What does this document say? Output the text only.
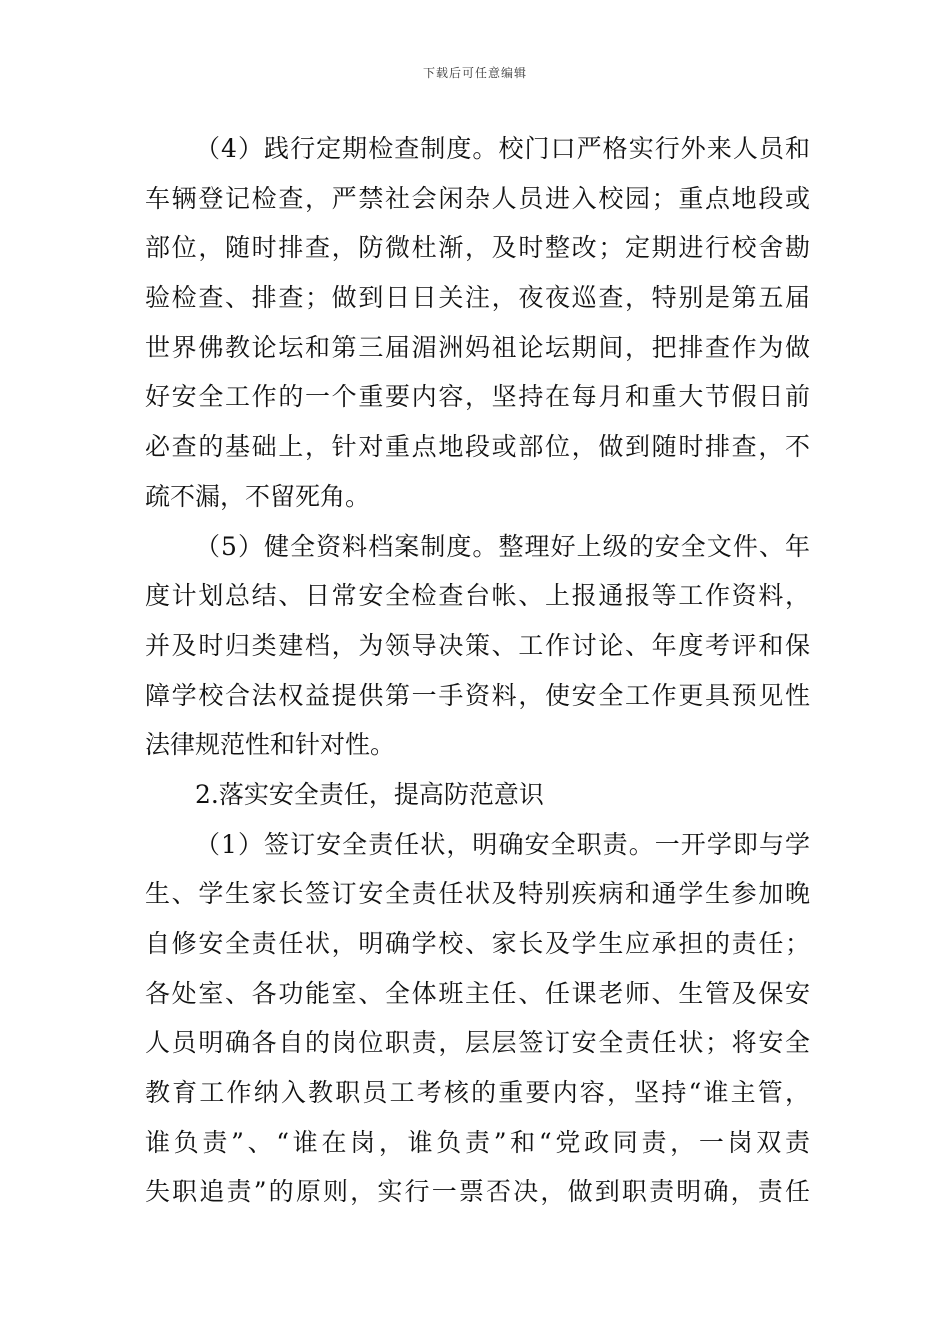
下载后可任意编辑
（4）践行定期检查制度。校门口严格实行外来人员和
车辆登记检查，严禁社会闲杂人员进入校园；重点地段或
部位，随时排查，防微杜渐，及时整改；定期进行校舍勘
验检查、排查；做到日日关注，夜夜巡查，特别是第五届
世界佛教论坛和第三届湄洲妈祖论坛期间，把排查作为做
好安全工作的一个重要内容，坚持在每月和重大节假日前
必查的基础上，针对重点地段或部位，做到随时排查，不
疏不漏，不留死角。
（5）健全资料档案制度。整理好上级的安全文件、年
度计划总结、日常安全检查台帐、上报通报等工作资料，
并及时归类建档，为领导决策、工作讨论、年度考评和保
障学校合法权益提供第一手资料，使安全工作更具预见性
法律规范性和针对性。
2.落实安全责任，提高防范意识
（1）签订安全责任状，明确安全职责。一开学即与学
生、学生家长签订安全责任状及特别疾病和通学生参加晚
自修安全责任状，明确学校、家长及学生应承担的责任；
各处室、各功能室、全体班主任、任课老师、生管及保安
人员明确各自的岗位职责，层层签订安全责任状；将安全
教育工作纳入教职员工考核的重要内容，坚持“谁主管，
谁负责”、“谁在岗，谁负责”和“党政同责，一岗双责
失职追责”的原则，实行一票否决，做到职责明确，责任
